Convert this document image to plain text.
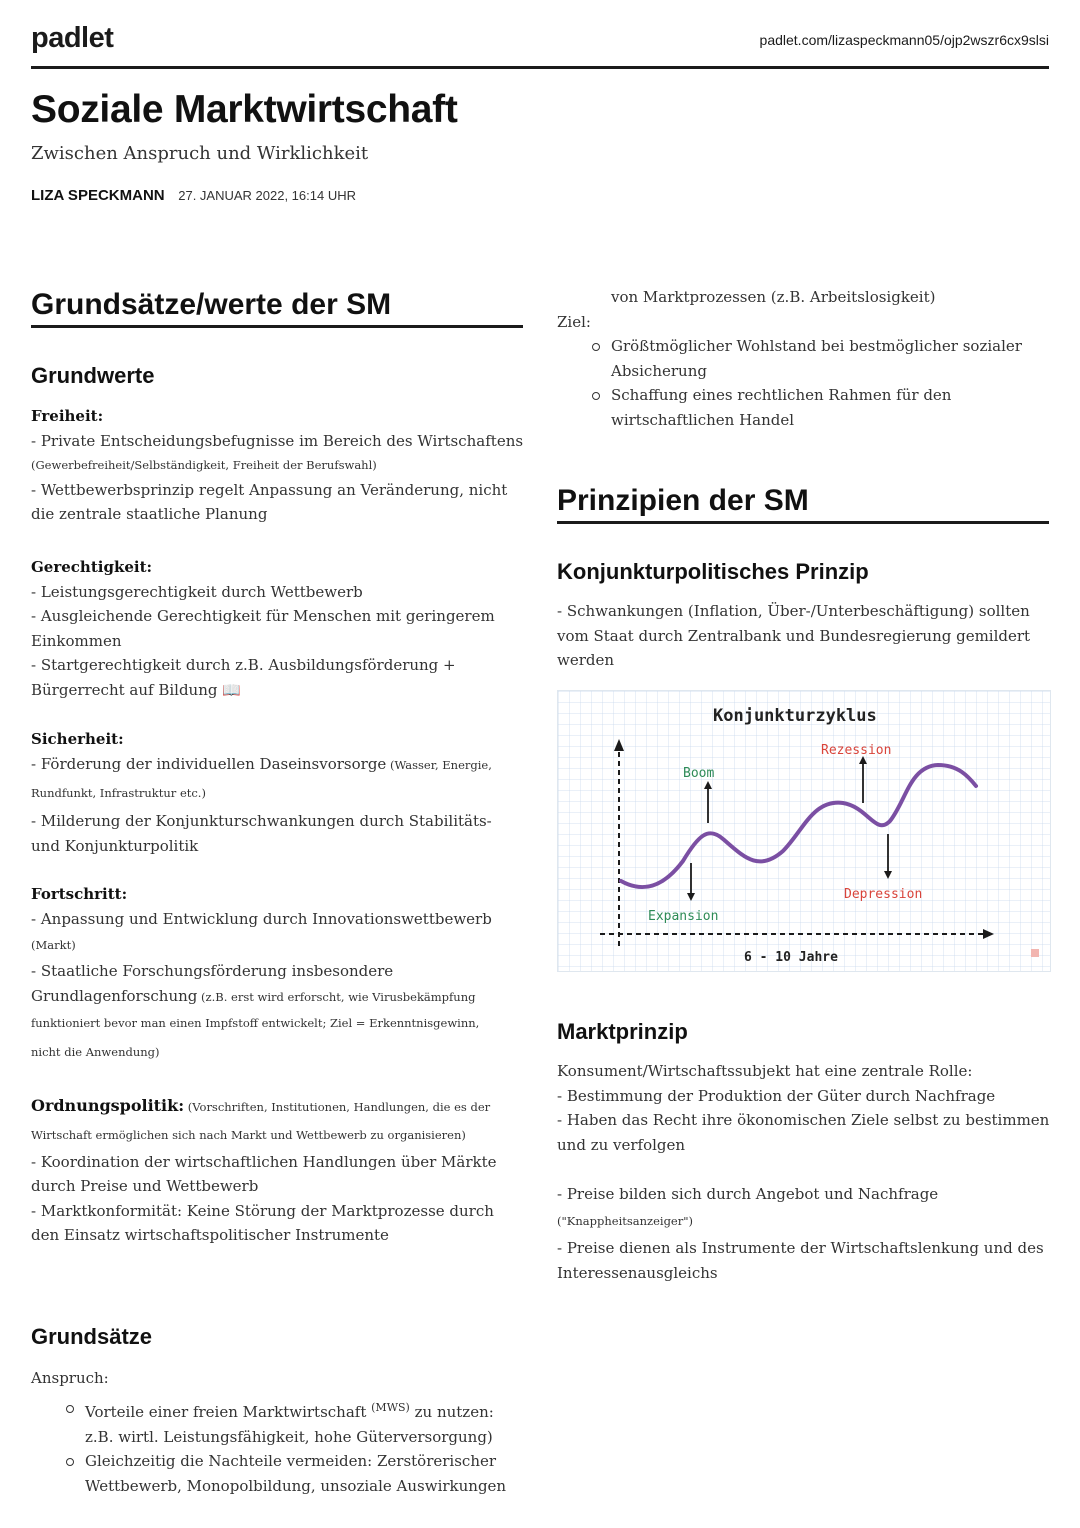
padlet	padlet.com/lizaspeckmann05/ojp2wszr6cx9slsi
Soziale Marktwirtschaft
Zwischen Anspruch und Wirklichkeit
LIZA SPECKMANN 27. JANUAR 2022, 16:14 UHR
Grundsätze/werte der SM
Grundwerte
Freiheit:
- Private Entscheidungsbefugnisse im Bereich des Wirtschaftens
(Gewerbefreiheit/Selbständigkeit, Freiheit der Berufswahl)
- Wettbewerbsprinzip regelt Anpassung an Veränderung, nicht
die zentrale staatliche Planung
Gerechtigkeit:
- Leistungsgerechtigkeit durch Wettbewerb
- Ausgleichende Gerechtigkeit für Menschen mit geringerem
Einkommen
- Startgerechtigkeit durch z.B. Ausbildungsförderung +
Bürgerrecht auf Bildung 📖
Sicherheit:
- Förderung der individuellen Daseinsvorsorge (Wasser, Energie,
Rundfunkt, Infrastruktur etc.)
- Milderung der Konjunkturschwankungen durch Stabilitäts-
und Konjunkturpolitik
Fortschritt:
- Anpassung und Entwicklung durch Innovationswettbewerb
(Markt)
- Staatliche Forschungsförderung insbesondere
Grundlagenforschung (z.B. erst wird erforscht, wie Virusbekämpfung
funktioniert bevor man einen Impfstoff entwickelt; Ziel = Erkenntnisgewinn,
nicht die Anwendung)
Ordnungspolitik: (Vorschriften, Institutionen, Handlungen, die es der
Wirtschaft ermöglichen sich nach Markt und Wettbewerb zu organisieren)
- Koordination der wirtschaftlichen Handlungen über Märkte
durch Preise und Wettbewerb
- Marktkonformität: Keine Störung der Marktprozesse durch
den Einsatz wirtschaftspolitischer Instrumente
Grundsätze
Anspruch:
Vorteile einer freien Marktwirtschaft $^{(MWS)}$ zu nutzen:
z.B. wirtl. Leistungsfähigkeit, hohe Güterversorgung)
Gleichzeitig die Nachteile vermeiden: Zerstörerischer
Wettbewerb, Monopolbildung, unsoziale Auswirkungen
von Marktprozessen (z.B. Arbeitslosigkeit)
Ziel:
Größtmöglicher Wohlstand bei bestmöglicher sozialer
Absicherung
Schaffung eines rechtlichen Rahmen für den
wirtschaftlichen Handel
Prinzipien der SM
Konjunkturpolitisches Prinzip
- Schwankungen (Inflation, Über-/Unterbeschäftigung) sollten
vom Staat durch Zentralbank und Bundesregierung gemildert
werden
Konjunkturzyklus
Boom
Rezession
Depression
Expansion
6 - 10 Jahre
Marktprinzip
Konsument/Wirtschaftssubjekt hat eine zentrale Rolle:
- Bestimmung der Produktion der Güter durch Nachfrage
- Haben das Recht ihre ökonomischen Ziele selbst zu bestimmen
und zu verfolgen
- Preise bilden sich durch Angebot und Nachfrage
("Knappheitsanzeiger")
- Preise dienen als Instrumente der Wirtschaftslenkung und des
Interessenausgleichs
